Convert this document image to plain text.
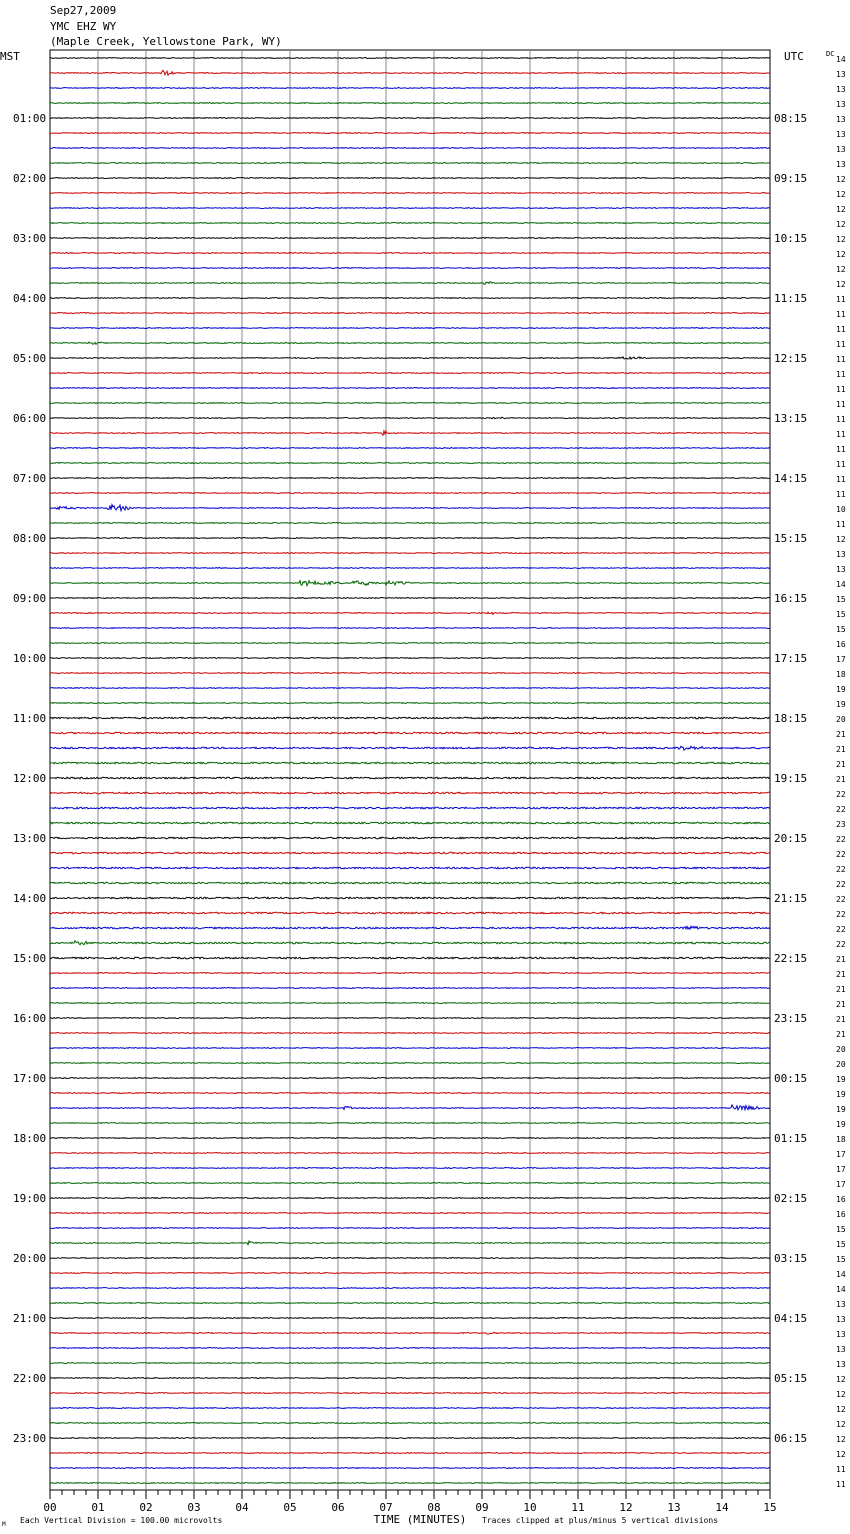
Sep27,2009
YMC EHZ WY
(Maple Creek, Yellowstone Park, WY)
14
13
13
13
13
13
13
13
12
12
12
12
12
12
12
12
11
11
11
11
11
11
11
11
11
11
11
11
11
11
10
11
12
13
13
14
15
15
15
16
17
18
19
19
20
21
21
21
21
22
22
23
22
22
22
22
22
22
22
22
21
21
21
21
21
21
20
20
19
19
19
19
18
17
17
17
16
16
15
15
15
14
14
13
13
13
13
13
12
12
12
12
12
12
11
11
01:00
02:00
03:00
04:00
05:00
06:00
07:00
08:00
09:00
10:00
11:00
12:00
13:00
14:00
15:00
16:00
17:00
18:00
19:00
20:00
21:00
22:00
23:00
08:15
09:15
10:15
11:15
12:15
13:15
14:15
15:15
16:15
17:15
18:15
19:15
20:15
21:15
22:15
23:15
00:15
01:15
02:15
03:15
04:15
05:15
06:15
MST	UTC	DC
00	01	02	03	04	05	06	07	08	09	10	11	12	13	14	15
TIME (MINUTES)
Each Vertical Division = 100.00 microvolts	Traces clipped at plus/minus 5 vertical divisions
M
